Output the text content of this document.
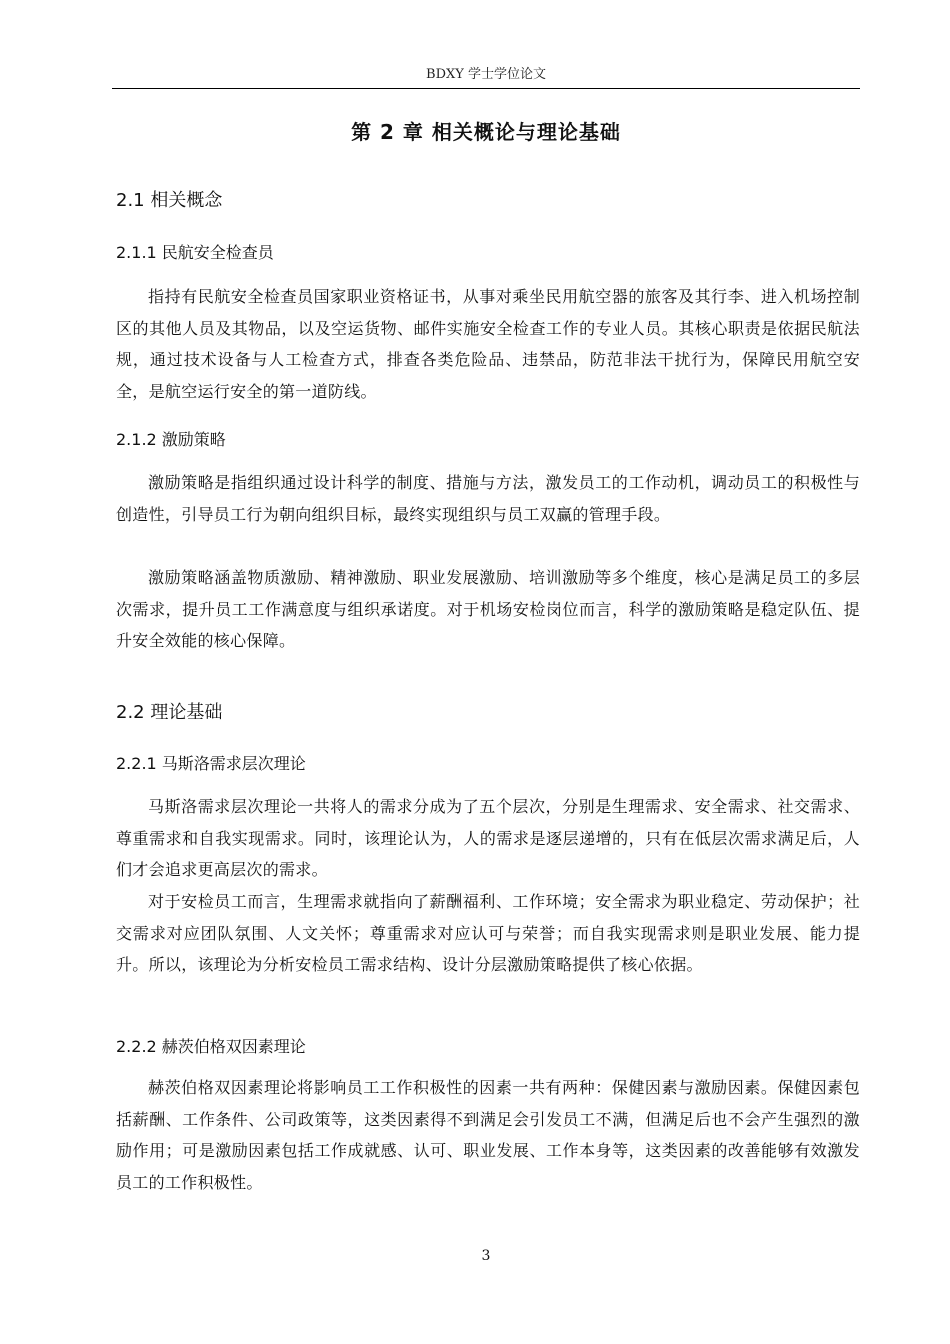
BDXY 学士学位论文
第 2 章 相关概论与理论基础
2.1 相关概念
2.1.1 民航安全检查员
指持有民航安全检查员国家职业资格证书，从事对乘坐民用航空器的旅客及其行李、进入机场控制区的其他人员及其物品，以及空运货物、邮件实施安全检查工作的专业人员。其核心职责是依据民航法规，通过技术设备与人工检查方式，排查各类危险品、违禁品，防范非法干扰行为，保障民用航空安全，是航空运行安全的第一道防线。
2.1.2 激励策略
激励策略是指组织通过设计科学的制度、措施与方法，激发员工的工作动机，调动员工的积极性与创造性，引导员工行为朝向组织目标，最终实现组织与员工双赢的管理手段。
激励策略涵盖物质激励、精神激励、职业发展激励、培训激励等多个维度，核心是满足员工的多层次需求，提升员工工作满意度与组织承诺度。对于机场安检岗位而言，科学的激励策略是稳定队伍、提升安全效能的核心保障。
2.2 理论基础
2.2.1 马斯洛需求层次理论
马斯洛需求层次理论一共将人的需求分成为了五个层次，分别是生理需求、安全需求、社交需求、尊重需求和自我实现需求。同时，该理论认为，人的需求是逐层递增的，只有在低层次需求满足后，人们才会追求更高层次的需求。
对于安检员工而言，生理需求就指向了薪酬福利、工作环境；安全需求为职业稳定、劳动保护；社交需求对应团队氛围、人文关怀；尊重需求对应认可与荣誉；而自我实现需求则是职业发展、能力提升。所以，该理论为分析安检员工需求结构、设计分层激励策略提供了核心依据。
2.2.2 赫茨伯格双因素理论
赫茨伯格双因素理论将影响员工工作积极性的因素一共有两种：保健因素与激励因素。保健因素包括薪酬、工作条件、公司政策等，这类因素得不到满足会引发员工不满，但满足后也不会产生强烈的激励作用；可是激励因素包括工作成就感、认可、职业发展、工作本身等，这类因素的改善能够有效激发员工的工作积极性。
3
